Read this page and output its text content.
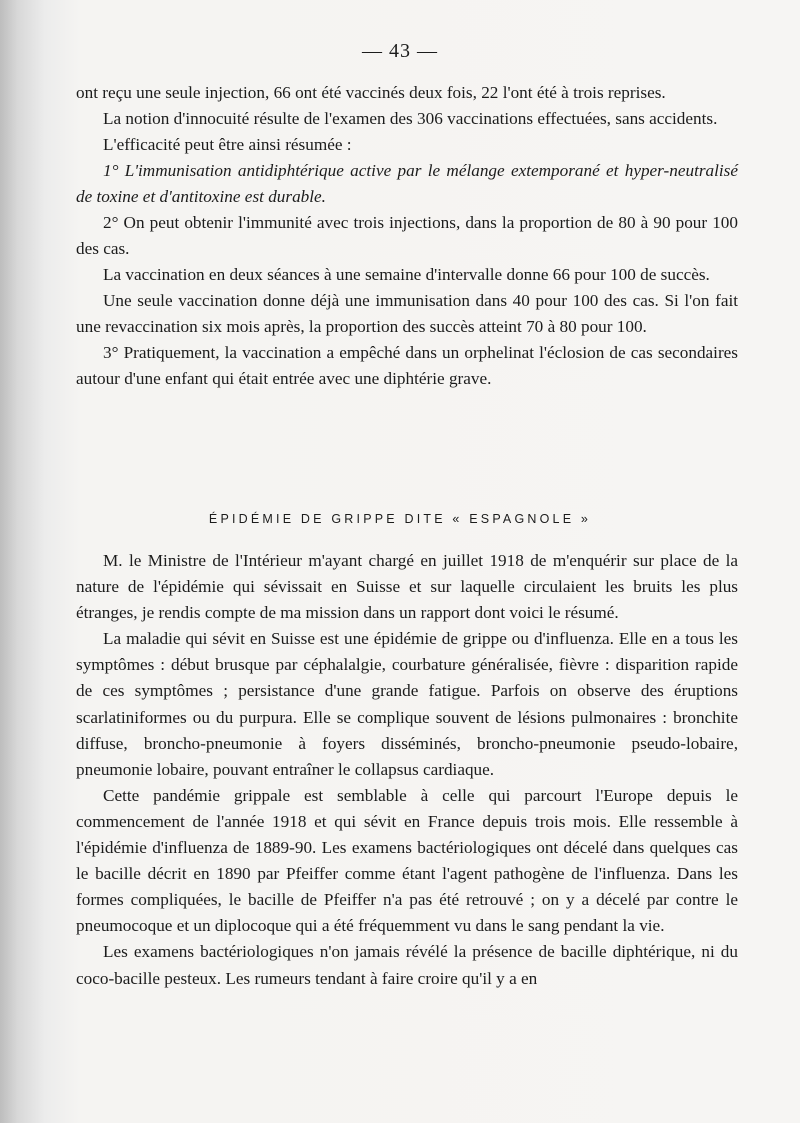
— 43 —

ont reçu une seule injection, 66 ont été vaccinés deux fois, 22 l'ont été à trois reprises.

La notion d'innocuité résulte de l'examen des 306 vaccinations effectuées, sans accidents.

L'efficacité peut être ainsi résumée :

1° L'immunisation antidiphtérique active par le mélange extemporané et hyper-neutralisé de toxine et d'antitoxine est durable.

2° On peut obtenir l'immunité avec trois injections, dans la proportion de 80 à 90 pour 100 des cas.

La vaccination en deux séances à une semaine d'intervalle donne 66 pour 100 de succès.

Une seule vaccination donne déjà une immunisation dans 40 pour 100 des cas. Si l'on fait une revaccination six mois après, la proportion des succès atteint 70 à 80 pour 100.

3° Pratiquement, la vaccination a empêché dans un orphelinat l'éclosion de cas secondaires autour d'une enfant qui était entrée avec une diphtérie grave.

ÉPIDÉMIE DE GRIPPE DITE « ESPAGNOLE »

M. le Ministre de l'Intérieur m'ayant chargé en juillet 1918 de m'enquérir sur place de la nature de l'épidémie qui sévissait en Suisse et sur laquelle circulaient les bruits les plus étranges, je rendis compte de ma mission dans un rapport dont voici le résumé.

La maladie qui sévit en Suisse est une épidémie de grippe ou d'influenza. Elle en a tous les symptômes : début brusque par céphalalgie, courbature généralisée, fièvre : disparition rapide de ces symptômes ; persistance d'une grande fatigue. Parfois on observe des éruptions scarlatiniformes ou du purpura. Elle se complique souvent de lésions pulmonaires : bronchite diffuse, broncho-pneumonie à foyers disséminés, broncho-pneumonie pseudo-lobaire, pneumonie lobaire, pouvant entraîner le collapsus cardiaque.

Cette pandémie grippale est semblable à celle qui parcourt l'Europe depuis le commencement de l'année 1918 et qui sévit en France depuis trois mois. Elle ressemble à l'épidémie d'influenza de 1889-90. Les examens bactériologiques ont décelé dans quelques cas le bacille décrit en 1890 par Pfeiffer comme étant l'agent pathogène de l'influenza. Dans les formes compliquées, le bacille de Pfeiffer n'a pas été retrouvé ; on y a décelé par contre le pneumocoque et un diplocoque qui a été fréquemment vu dans le sang pendant la vie.

Les examens bactériologiques n'on jamais révélé la présence de bacille diphtérique, ni du coco-bacille pesteux. Les rumeurs tendant à faire croire qu'il y a en
